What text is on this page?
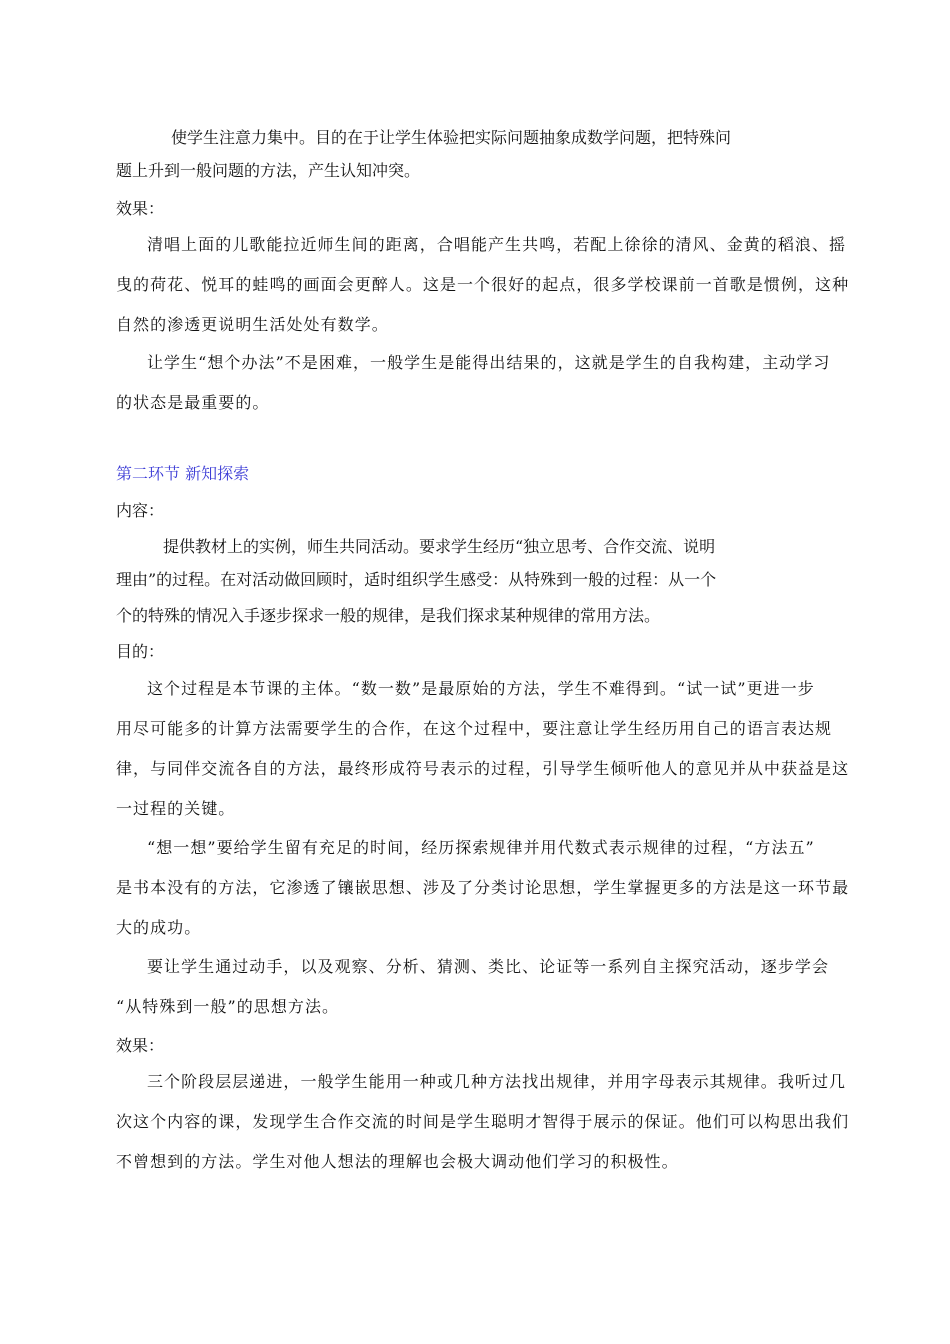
使学生注意力集中。目的在于让学生体验把实际问题抽象成数学问题，把特殊问
题上升到一般问题的方法，产生认知冲突。
效果：
清唱上面的儿歌能拉近师生间的距离，合唱能产生共鸣，若配上徐徐的清风、金黄的稻浪、摇
曳的荷花、悦耳的蛙鸣的画面会更醉人。这是一个很好的起点，很多学校课前一首歌是惯例，这种
自然的渗透更说明生活处处有数学。
让学生“想个办法”不是困难，一般学生是能得出结果的，这就是学生的自我构建，主动学习
的状态是最重要的。
第二环节 新知探索
内容：
提供教材上的实例，师生共同活动。要求学生经历“独立思考、合作交流、说明
理由”的过程。在对活动做回顾时，适时组织学生感受：从特殊到一般的过程：从一个
个的特殊的情况入手逐步探求一般的规律，是我们探求某种规律的常用方法。
目的：
这个过程是本节课的主体。“数一数”是最原始的方法，学生不难得到。“试一试”更进一步
用尽可能多的计算方法需要学生的合作，在这个过程中，要注意让学生经历用自己的语言表达规
律，与同伴交流各自的方法，最终形成符号表示的过程，引导学生倾听他人的意见并从中获益是这
一过程的关键。
“想一想”要给学生留有充足的时间，经历探索规律并用代数式表示规律的过程，“方法五”
是书本没有的方法，它渗透了镶嵌思想、涉及了分类讨论思想，学生掌握更多的方法是这一环节最
大的成功。
要让学生通过动手，以及观察、分析、猜测、类比、论证等一系列自主探究活动，逐步学会
“从特殊到一般”的思想方法。
效果：
三个阶段层层递进，一般学生能用一种或几种方法找出规律，并用字母表示其规律。我听过几
次这个内容的课，发现学生合作交流的时间是学生聪明才智得于展示的保证。他们可以构思出我们
不曾想到的方法。学生对他人想法的理解也会极大调动他们学习的积极性。
